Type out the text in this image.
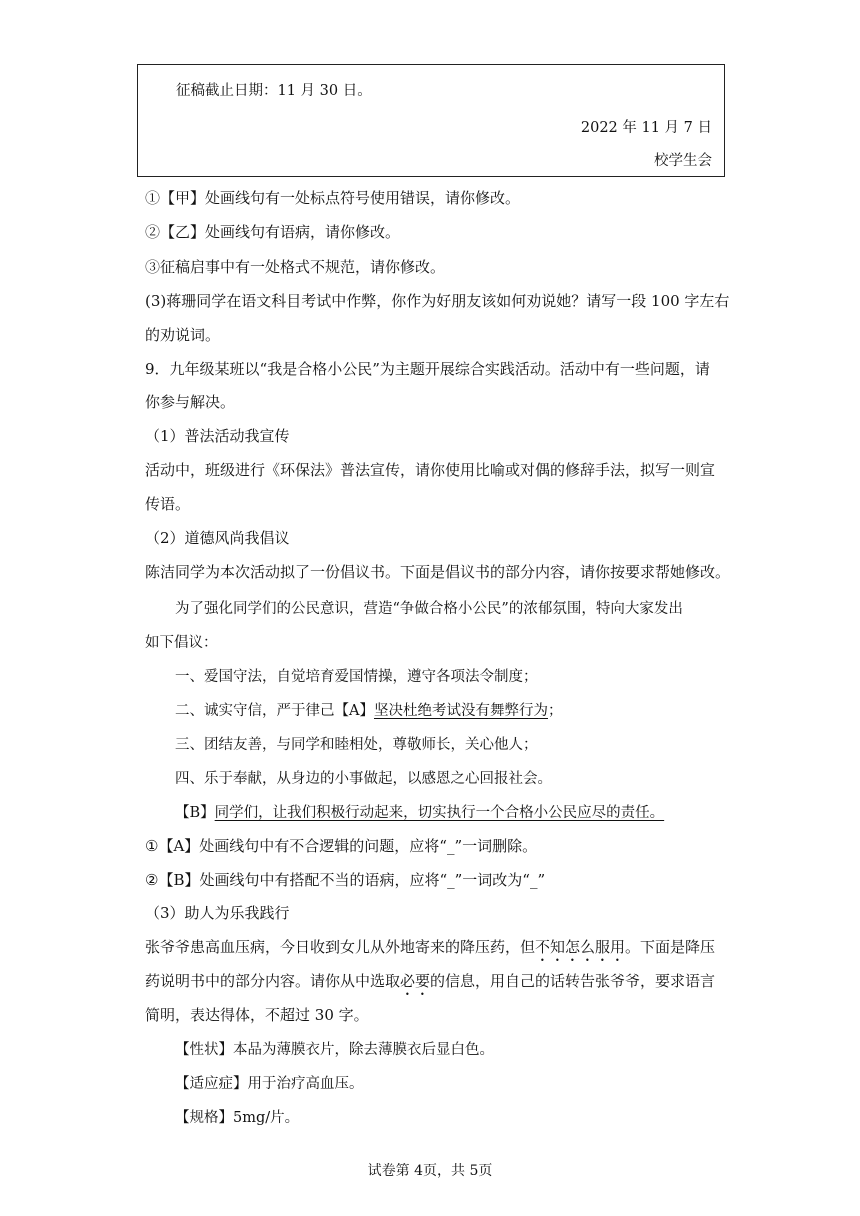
征稿截止日期：11 月 30 日。
2022 年 11 月 7 日
校学生会
①【甲】处画线句有一处标点符号使用错误，请你修改。
②【乙】处画线句有语病，请你修改。
③征稿启事中有一处格式不规范，请你修改。
(3)蒋珊同学在语文科目考试中作弊，你作为好朋友该如何劝说她？请写一段 100 字左右
的劝说词。
9．九年级某班以“我是合格小公民”为主题开展综合实践活动。活动中有一些问题，请
你参与解决。
（1）普法活动我宣传
活动中，班级进行《环保法》普法宣传，请你使用比喻或对偶的修辞手法，拟写一则宣
传语。
（2）道德风尚我倡议
陈洁同学为本次活动拟了一份倡议书。下面是倡议书的部分内容，请你按要求帮她修改。
为了强化同学们的公民意识，营造“争做合格小公民”的浓郁氛围，特向大家发出
如下倡议：
一、爱国守法，自觉培育爱国情操，遵守各项法令制度；
二、诚实守信，严于律己【A】坚决杜绝考试没有舞弊行为；
三、团结友善，与同学和睦相处，尊敬师长，关心他人；
四、乐于奉献，从身边的小事做起，以感恩之心回报社会。
【B】同学们，让我们积极行动起来，切实执行一个合格小公民应尽的责任。
①【A】处画线句中有不合逻辑的问题，应将“_”一词删除。
②【B】处画线句中有搭配不当的语病，应将“_”一词改为“_”
（3）助人为乐我践行
张爷爷患高血压病，今日收到女儿从外地寄来的降压药，但不知怎么服用。下面是降压
药说明书中的部分内容。请你从中选取必要的信息，用自己的话转告张爷爷，要求语言
简明，表达得体，不超过 30 字。
【性状】本品为薄膜衣片，除去薄膜衣后显白色。
【适应症】用于治疗高血压。
【规格】5mg/片。
试卷第 4页，共 5页
